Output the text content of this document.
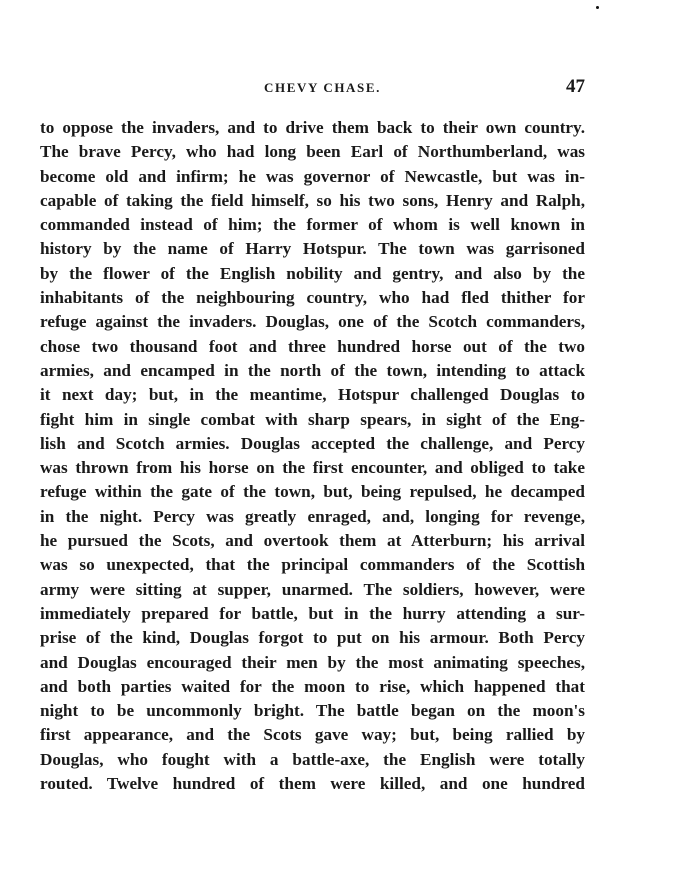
CHEVY CHASE.	47
to oppose the invaders, and to drive them back to their own country.
The brave Percy, who had long been Earl of Northumberland, was
become old and infirm; he was governor of Newcastle, but was in-
capable of taking the field himself, so his two sons, Henry and Ralph,
commanded instead of him; the former of whom is well known in
history by the name of Harry Hotspur. The town was garrisoned
by the flower of the English nobility and gentry, and also by the
inhabitants of the neighbouring country, who had fled thither for
refuge against the invaders. Douglas, one of the Scotch commanders,
chose two thousand foot and three hundred horse out of the two
armies, and encamped in the north of the town, intending to attack
it next day; but, in the meantime, Hotspur challenged Douglas to
fight him in single combat with sharp spears, in sight of the Eng-
lish and Scotch armies. Douglas accepted the challenge, and Percy
was thrown from his horse on the first encounter, and obliged to take
refuge within the gate of the town, but, being repulsed, he decamped
in the night. Percy was greatly enraged, and, longing for revenge,
he pursued the Scots, and overtook them at Atterburn; his arrival
was so unexpected, that the principal commanders of the Scottish
army were sitting at supper, unarmed. The soldiers, however, were
immediately prepared for battle, but in the hurry attending a sur-
prise of the kind, Douglas forgot to put on his armour. Both Percy
and Douglas encouraged their men by the most animating speeches,
and both parties waited for the moon to rise, which happened that
night to be uncommonly bright. The battle began on the moon's
first appearance, and the Scots gave way; but, being rallied by
Douglas, who fought with a battle-axe, the English were totally
routed. Twelve hundred of them were killed, and one hundred
